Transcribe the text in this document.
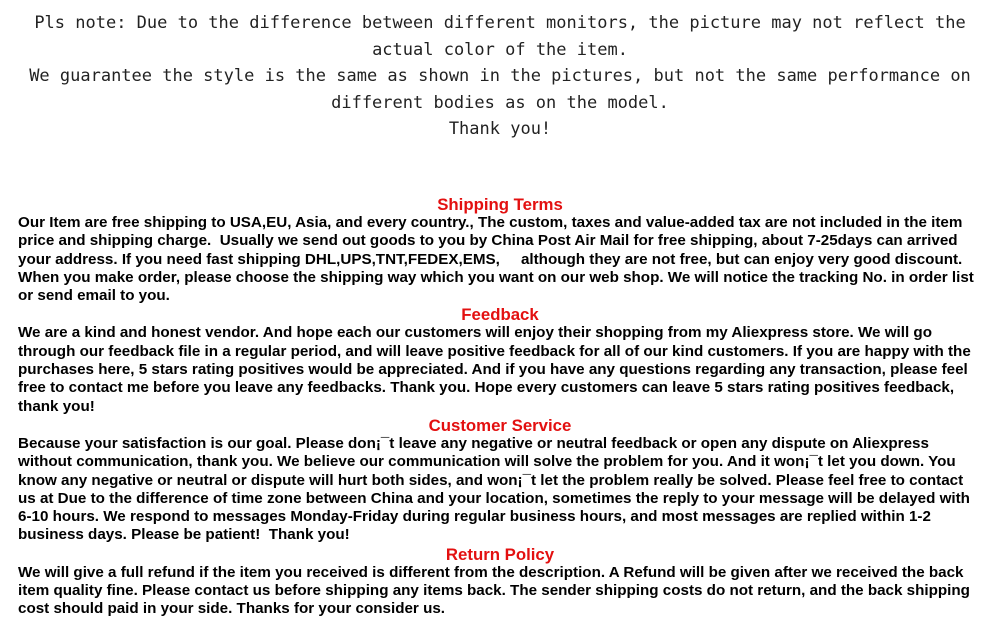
Pls note: Due to the difference between different monitors, the picture may not reflect the actual color of the item.

We guarantee the style is the same as shown in the pictures, but not the same performance on different bodies as on the model.

Thank you!

Shipping Terms

Our Item are free shipping to USA,EU, Asia, and every country., The custom, taxes and value-added tax are not included in the item price and shipping charge.  Usually we send out goods to you by China Post Air Mail for free shipping, about 7-25days can arrived your address. If you need fast shipping DHL,UPS,TNT,FEDEX,EMS,     although they are not free, but can enjoy very good discount. When you make order, please choose the shipping way which you want on our web shop. We will notice the tracking No. in order list or send email to you.

Feedback

We are a kind and honest vendor. And hope each our customers will enjoy their shopping from my Aliexpress store. We will go through our feedback file in a regular period, and will leave positive feedback for all of our kind customers. If you are happy with the purchases here, 5 stars rating positives would be appreciated. And if you have any questions regarding any transaction, please feel free to contact me before you leave any feedbacks. Thank you. Hope every customers can leave 5 stars rating positives feedback, thank you!

Customer Service

Because your satisfaction is our goal. Please don¡¯t leave any negative or neutral feedback or open any dispute on Aliexpress without communication, thank you. We believe our communication will solve the problem for you. And it won¡¯t let you down. You know any negative or neutral or dispute will hurt both sides, and won¡¯t let the problem really be solved. Please feel free to contact us at Due to the difference of time zone between China and your location, sometimes the reply to your message will be delayed with 6-10 hours. We respond to messages Monday-Friday during regular business hours, and most messages are replied within 1-2 business days. Please be patient!  Thank you!

Return Policy

We will give a full refund if the item you received is different from the description. A Refund will be given after we received the back item quality fine. Please contact us before shipping any items back. The sender shipping costs do not return, and the back shipping cost should paid in your side. Thanks for your consider us.
